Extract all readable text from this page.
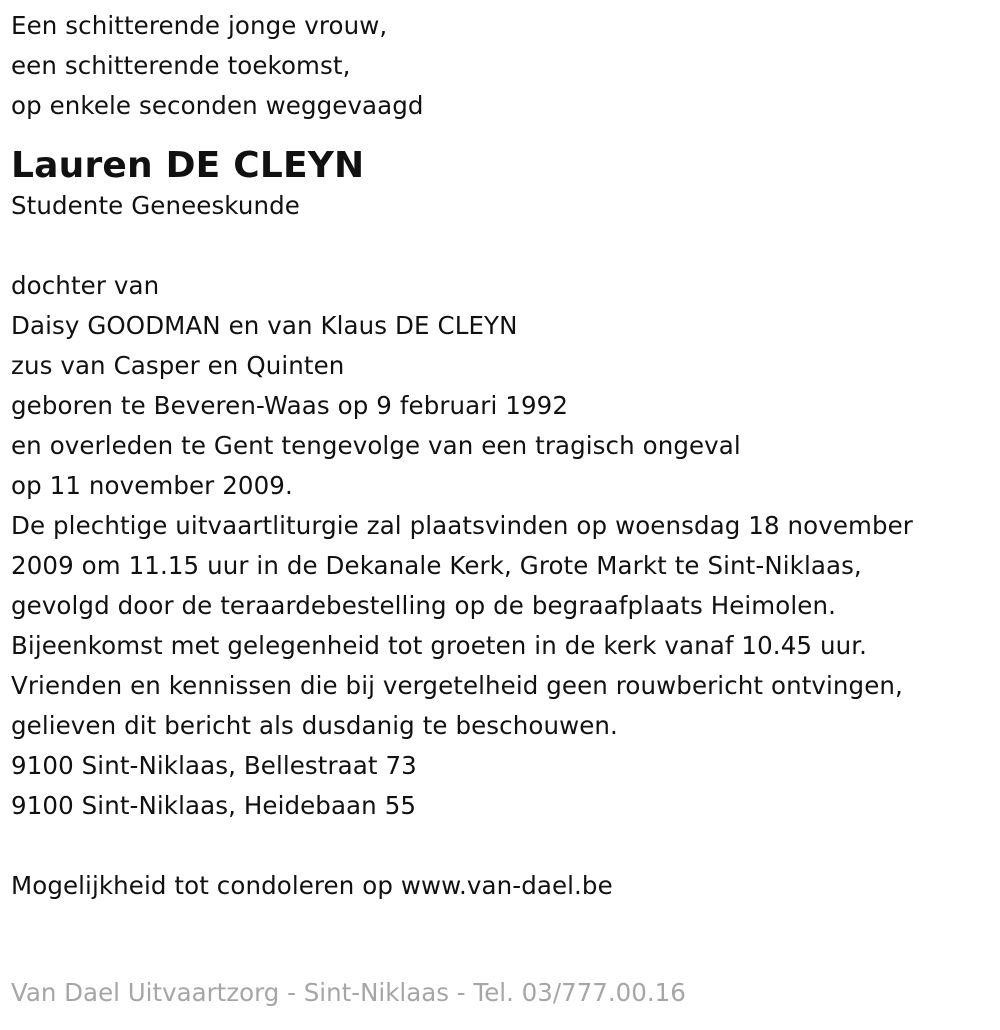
Een schitterende jonge vrouw,
een schitterende toekomst,
op enkele seconden weggevaagd
Lauren DE CLEYN
Studente Geneeskunde
dochter van
Daisy GOODMAN en van Klaus DE CLEYN
zus van Casper en Quinten
geboren te Beveren-Waas op 9 februari 1992
en overleden te Gent tengevolge van een tragisch ongeval
op 11 november 2009.
De plechtige uitvaartliturgie zal plaatsvinden op woensdag 18 november
2009 om 11.15 uur in de Dekanale Kerk, Grote Markt te Sint-Niklaas,
gevolgd door de teraardebestelling op de begraafplaats Heimolen.
Bijeenkomst met gelegenheid tot groeten in de kerk vanaf 10.45 uur.
Vrienden en kennissen die bij vergetelheid geen rouwbericht ontvingen,
gelieven dit bericht als dusdanig te beschouwen.
9100 Sint-Niklaas, Bellestraat 73
9100 Sint-Niklaas, Heidebaan 55
Mogelijkheid tot condoleren op www.van-dael.be
Van Dael Uitvaartzorg - Sint-Niklaas - Tel. 03/777.00.16
